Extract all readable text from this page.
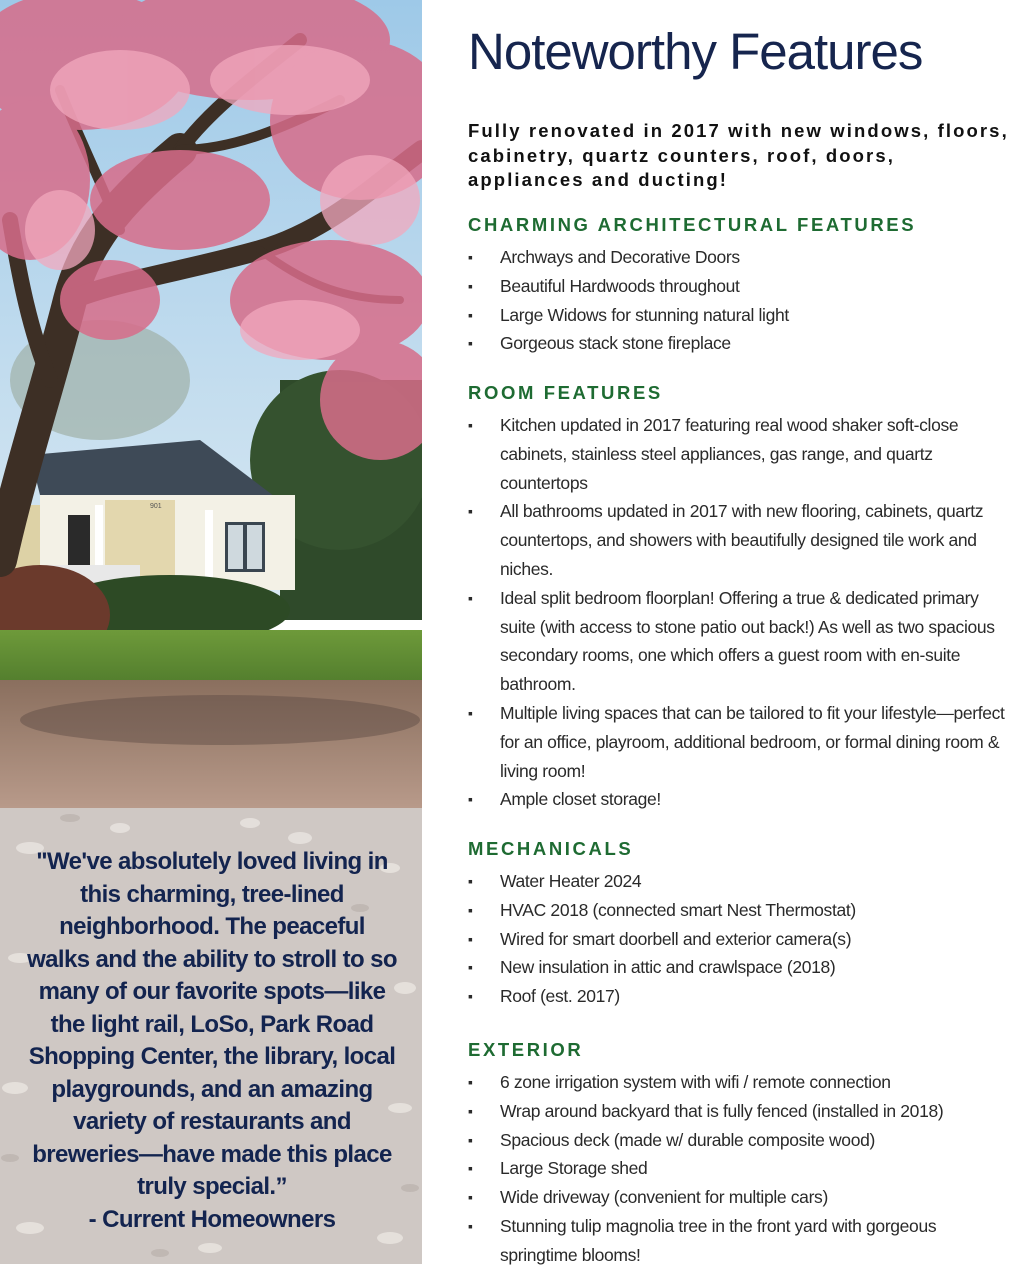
901
"We've absolutely loved living in this charming, tree-lined neighborhood. The peaceful walks and the ability to stroll to so many of our favorite spots—like the light rail, LoSo, Park Road Shopping Center, the library, local playgrounds, and an amazing variety of restaurants and breweries—have made this place truly special.”
- Current Homeowners
Noteworthy Features

Fully renovated in 2017 with new windows, floors, cabinetry, quartz counters, roof, doors, appliances and ducting!

CHARMING ARCHITECTURAL FEATURES
▪	Archways and Decorative Doors
▪	Beautiful Hardwoods throughout
▪	Large Widows for stunning natural light
▪	Gorgeous stack stone fireplace
ROOM FEATURES
▪	Kitchen updated in 2017 featuring real wood shaker soft-close cabinets, stainless steel appliances, gas range, and quartz countertops
▪	All bathrooms updated in 2017 with new flooring, cabinets, quartz countertops, and showers with beautifully designed tile work and niches.
▪	Ideal split bedroom floorplan! Offering a true & dedicated primary suite (with access to stone patio out back!) As well as two spacious secondary rooms, one which offers a guest room with en-suite bathroom.
▪	Multiple living spaces that can be tailored to fit your lifestyle—perfect for an office, playroom, additional bedroom, or formal dining room & living room!
▪	Ample closet storage!
MECHANICALS
▪	Water Heater 2024
▪	HVAC 2018 (connected smart Nest Thermostat)
▪	Wired for smart doorbell and exterior camera(s)
▪	New insulation in attic and crawlspace (2018)
▪	Roof (est. 2017)
EXTERIOR
▪	6 zone irrigation system with wifi / remote connection
▪	Wrap around backyard that is fully fenced (installed in 2018)
▪	Spacious deck (made w/ durable composite wood)
▪	Large Storage shed
▪	Wide driveway (convenient for multiple cars)
▪	Stunning tulip magnolia tree in the front yard with gorgeous springtime blooms!
